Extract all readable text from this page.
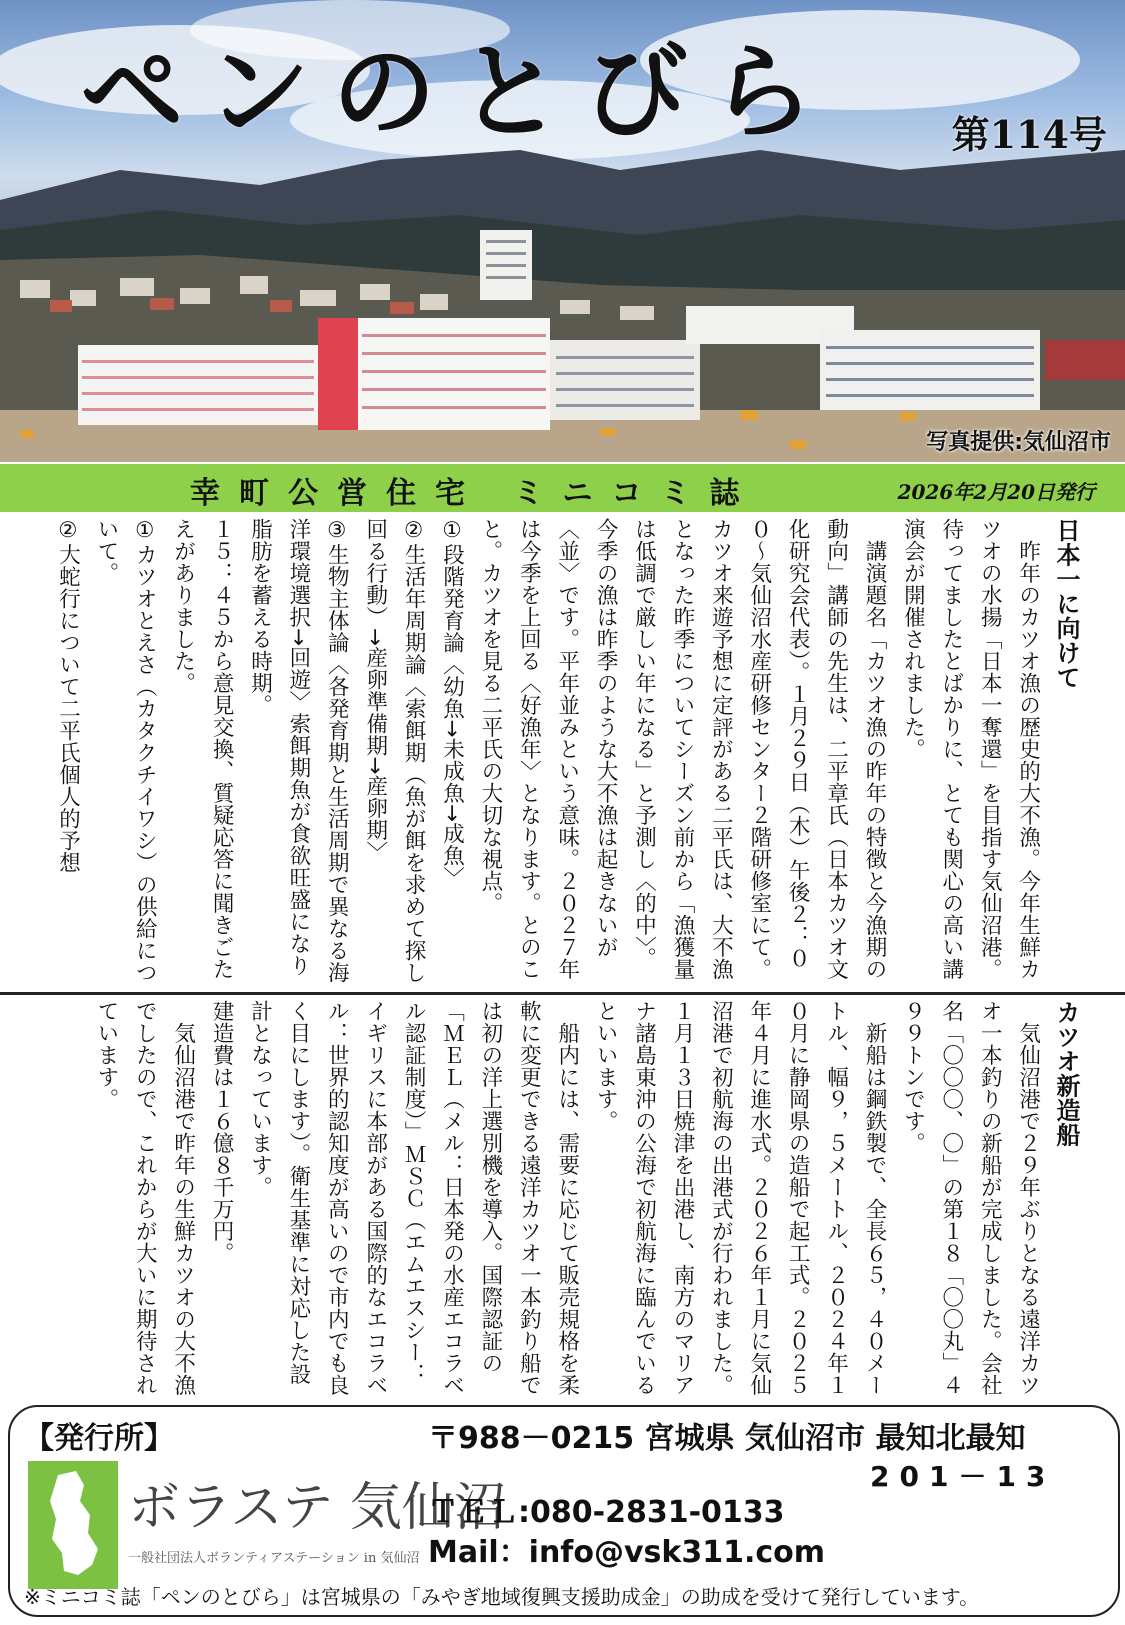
ペンのとびら	第114号
写真提供:気仙沼市
幸町公営住宅 ミニコミ誌	2026年2月20日発行

日本一に向けて

　昨年のカツオ漁の歴史的大不漁。今年生鮮カツオの水揚「日本一奪還」を目指す気仙沼港。待ってましたとばかりに、とても関心の高い講演会が開催されました。

　講演題名「カツオ漁の昨年の特徴と今漁期の動向」講師の先生は、二平章氏（日本カツオ文化研究会代表）。１月２９日（木）午後２：００～気仙沼水産研修センター２階研修室にて。カツオ来遊予想に定評がある二平氏は、大不漁となった昨季についてシーズン前から「漁獲量は低調で厳しい年になる」と予測し〈的中〉。今季の漁は昨季のような大不漁は起きないが〈並〉です。平年並みという意味。２０２７年は今季を上回る〈好漁年〉となります。とのこと。カツオを見る二平氏の大切な視点。

①段階発育論〈幼魚→未成魚→成魚〉

②生活年周期論〈索餌期（魚が餌を求めて探し回る行動）→産卵準備期→産卵期〉

③生物主体論〈各発育期と生活周期で異なる海洋環境選択→回遊〉索餌期魚が食欲旺盛になり脂肪を蓄える時期。

１５：４５から意見交換、質疑応答に聞きごたえがありました。

①カツオとえさ（カタクチイワシ）の供給について。

②大蛇行について二平氏個人的予想

カツオ新造船

　気仙沼港で２９年ぶりとなる遠洋カツオ一本釣りの新船が完成しました。会社名「〇〇〇、〇」の第１８「〇〇丸」４９９トンです。

　新船は鋼鉄製で、全長６５，４０メートル、幅９，５メートル、２０２４年１０月に静岡県の造船で起工式。２０２５年４月に進水式。２０２６年１月に気仙沼港で初航海の出港式が行われました。１月１３日焼津を出港し、南方のマリアナ諸島東沖の公海で初航海に臨んでいるといいます。

　船内には、需要に応じて販売規格を柔軟に変更できる遠洋カツオ一本釣り船では初の洋上選別機を導入。国際認証の「ＭＥＬ（メル：日本発の水産エコラベル認証制度）」ＭＳＣ（エムエスシー：イギリスに本部がある国際的なエコラベル：世界的認知度が高いので市内でも良く目にします）。衛生基準に対応した設計となっています。

建造費は１６億８千万円。

　気仙沼港で昨年の生鮮カツオの大不漁でしたので、これからが大いに期待されています。

【発行所】
ボラステ 気仙沼
一般社団法人ボランティアステーション in 気仙沼
〒988－0215 宮城県 気仙沼市 最知北最知
201－13
ＴＥＬ:080-2831-0133
Mail：info@vsk311.com
※ミニコミ誌「ペンのとびら」は宮城県の「みやぎ地域復興支援助成金」の助成を受けて発行しています。
